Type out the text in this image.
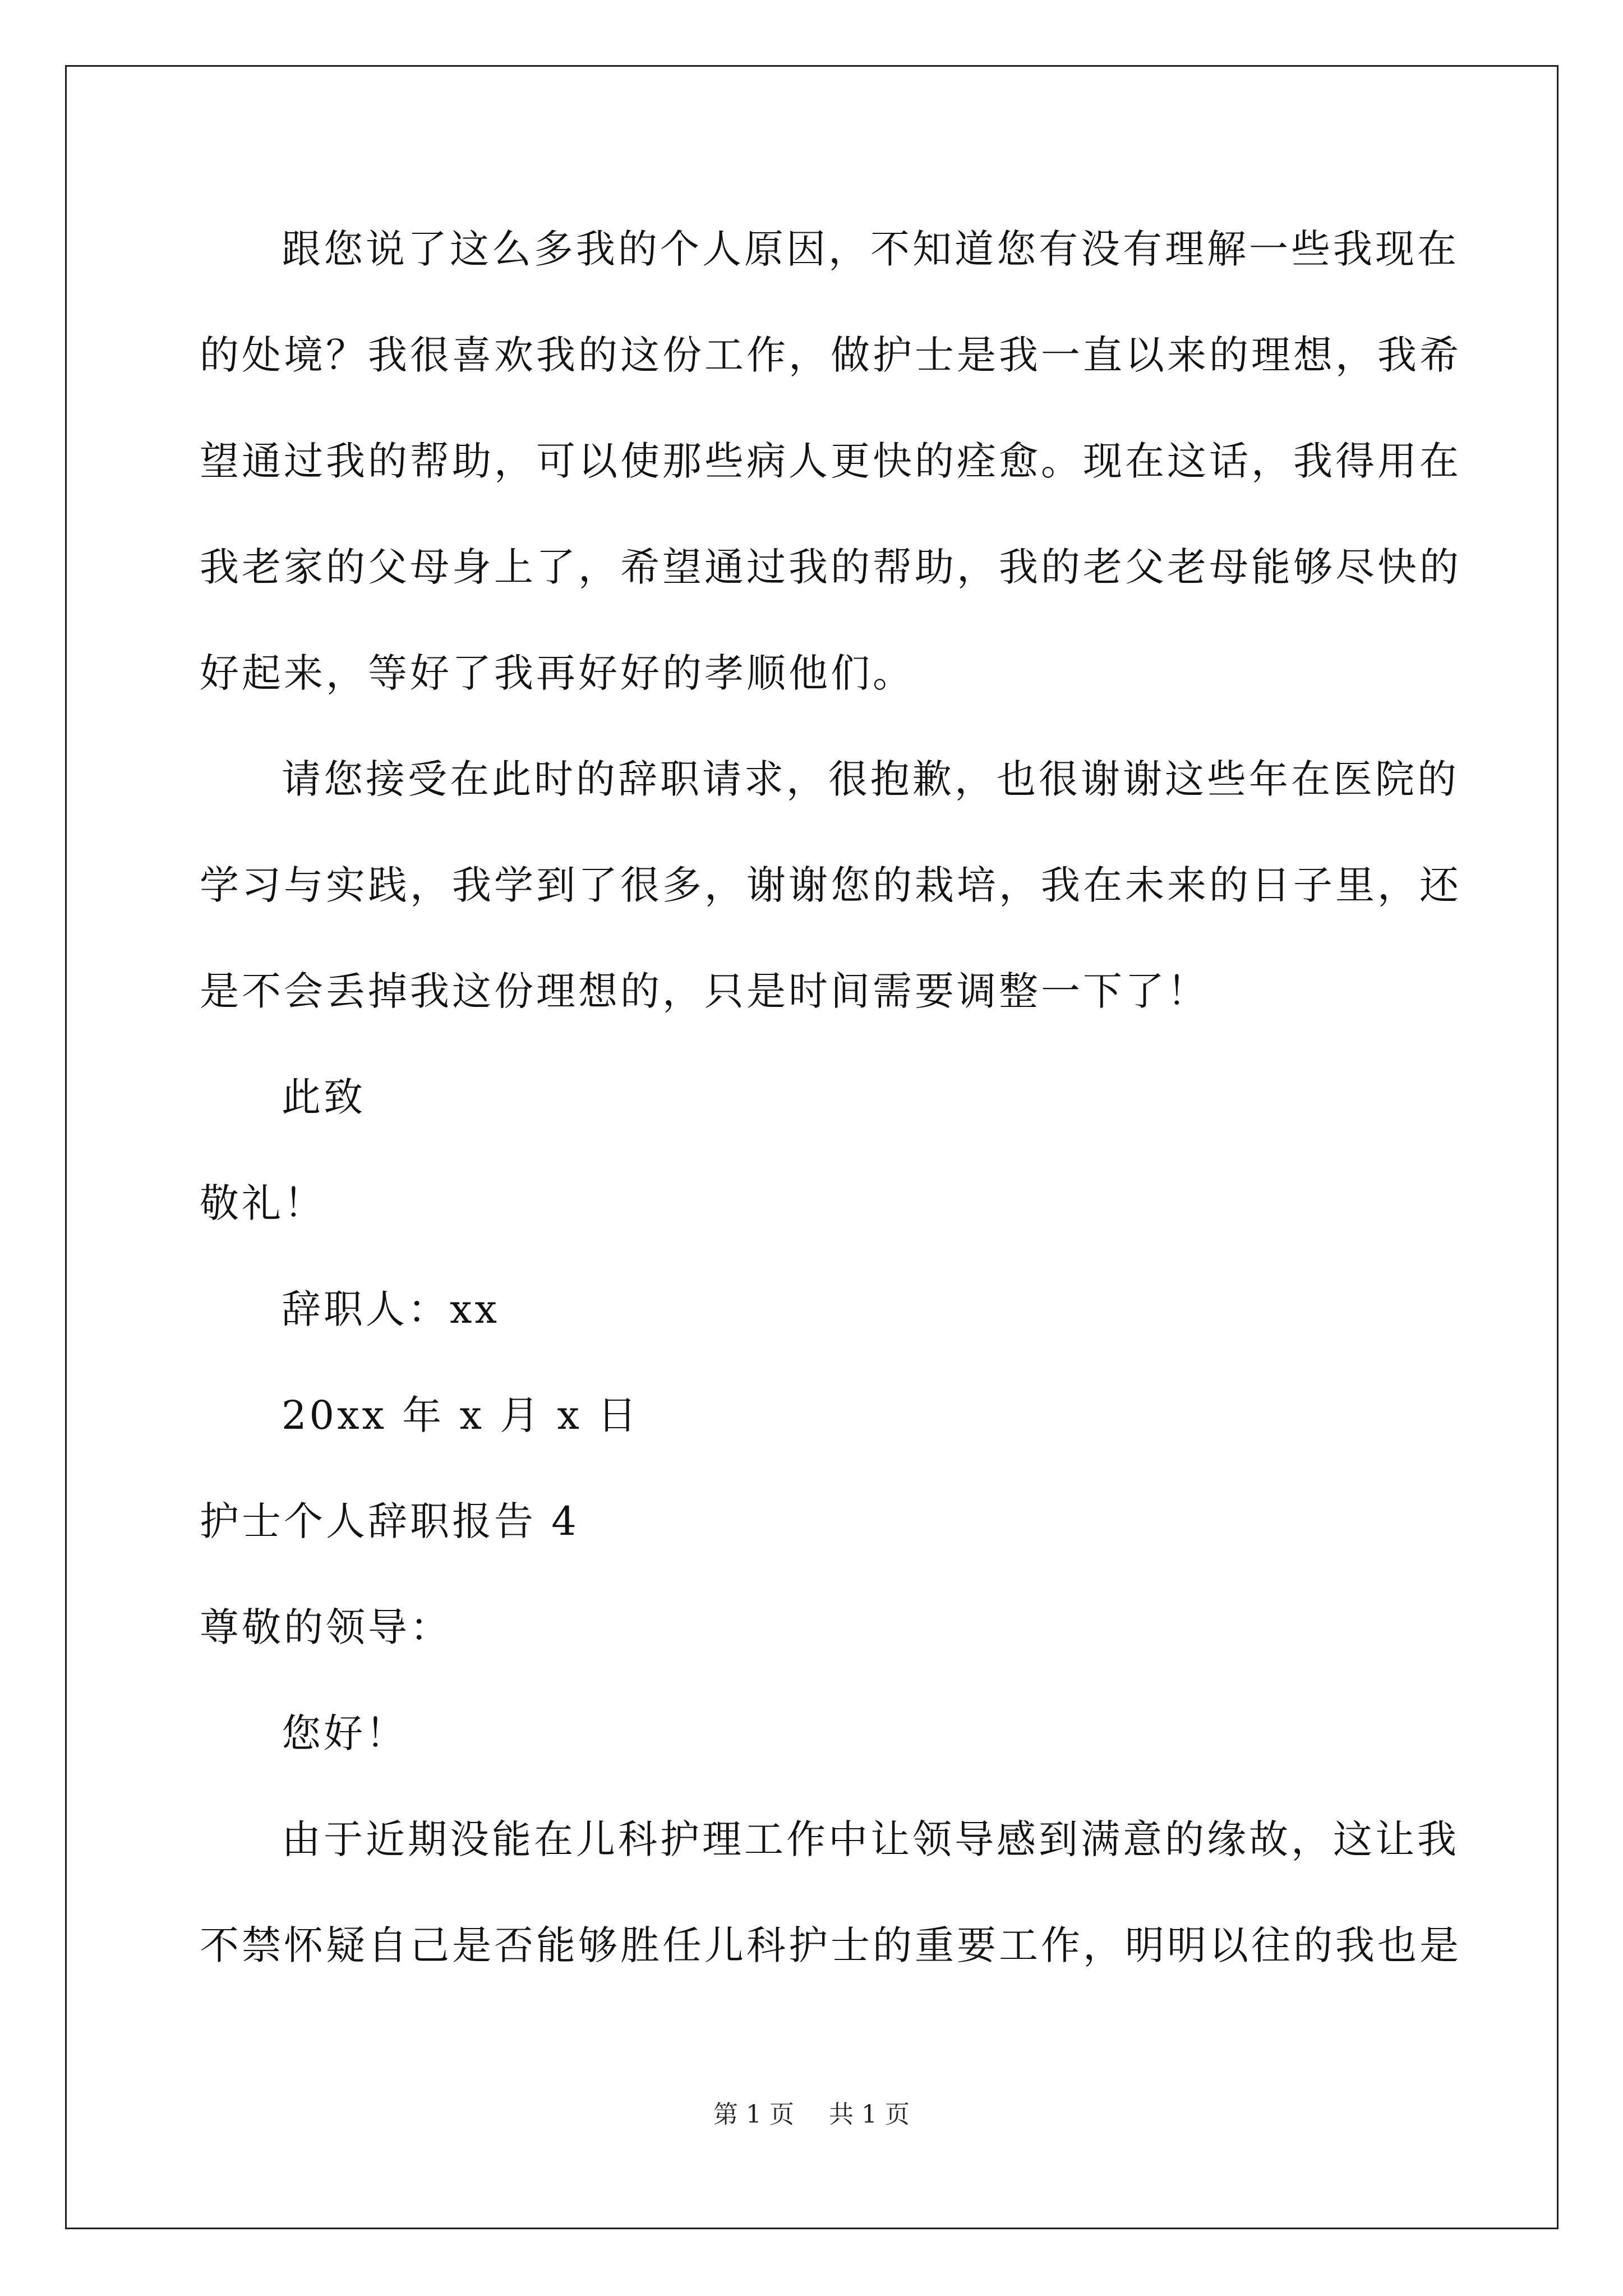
跟您说了这么多我的个人原因，不知道您有没有理解一些我现在
的处境？我很喜欢我的这份工作，做护士是我一直以来的理想，我希
望通过我的帮助，可以使那些病人更快的痊愈。现在这话，我得用在
我老家的父母身上了，希望通过我的帮助，我的老父老母能够尽快的
好起来，等好了我再好好的孝顺他们。
请您接受在此时的辞职请求，很抱歉，也很谢谢这些年在医院的
学习与实践，我学到了很多，谢谢您的栽培，我在未来的日子里，还
是不会丢掉我这份理想的，只是时间需要调整一下了！
此致
敬礼！
辞职人：xx
20xx 年 x 月 x 日
护士个人辞职报告 4
尊敬的领导：
您好！
由于近期没能在儿科护理工作中让领导感到满意的缘故，这让我
不禁怀疑自己是否能够胜任儿科护士的重要工作，明明以往的我也是
第 1 页 共 1 页
